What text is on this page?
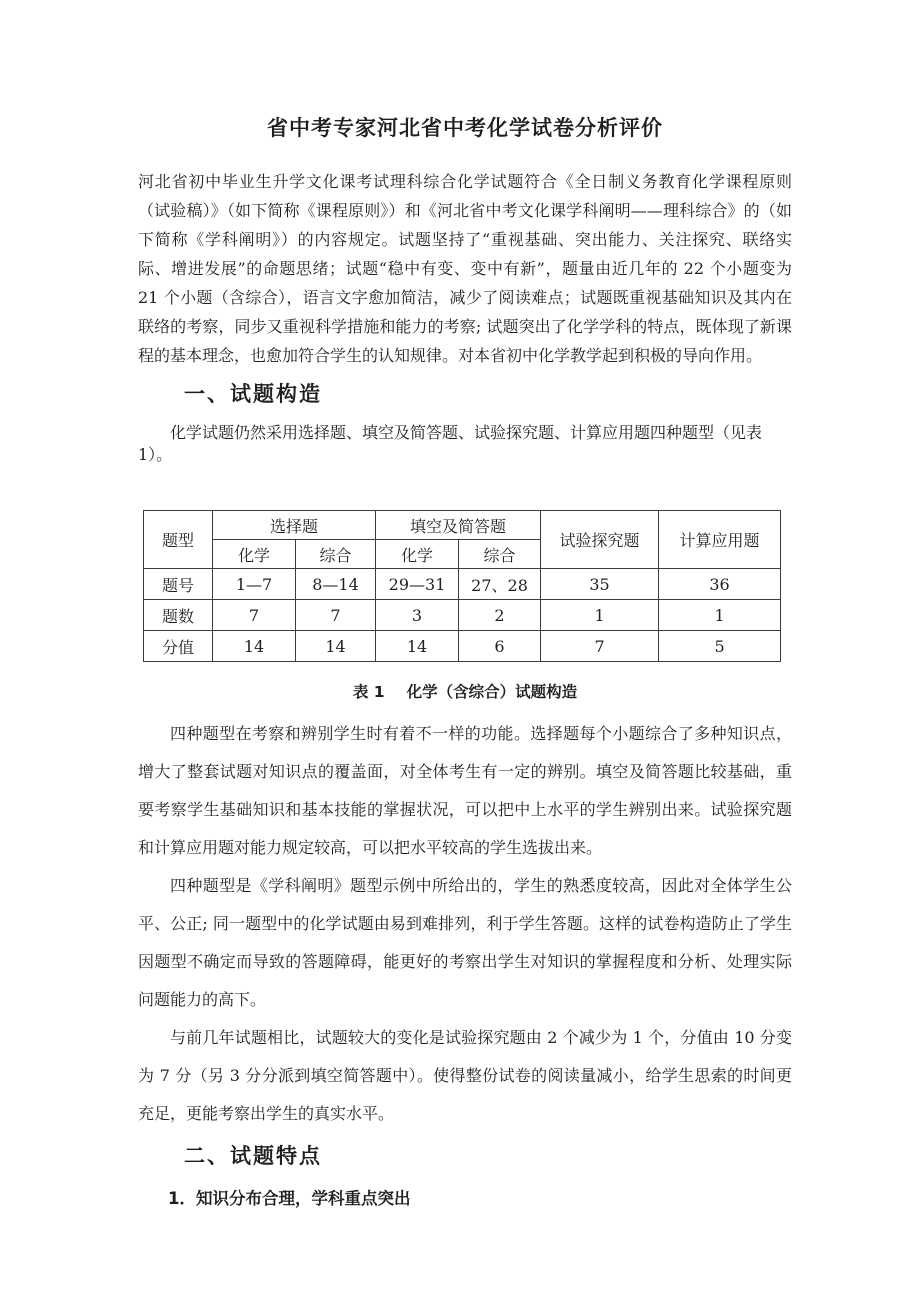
省中考专家河北省中考化学试卷分析评价

河北省初中毕业生升学文化课考试理科综合化学试题符合《全日制义务教育化学课程原则（试验稿）》（如下简称《课程原则》）和《河北省中考文化课学科阐明——理科综合》的（如下简称《学科阐明》）的内容规定。试题坚持了“重视基础、突出能力、关注探究、联络实际、增进发展”的命题思绪；试题“稳中有变、变中有新”，题量由近几年的 22 个小题变为 21 个小题（含综合），语言文字愈加简洁，减少了阅读难点；试题既重视基础知识及其内在联络的考察，同步又重视科学措施和能力的考察; 试题突出了化学学科的特点，既体现了新课程的基本理念，也愈加符合学生的认知规律。对本省初中化学教学起到积极的导向作用。

一、试题构造

化学试题仍然采用选择题、填空及简答题、试验探究题、计算应用题四种题型（见表 1）。

题型	选择题		填空及简答题		试验探究题	计算应用题
	化学	综合	化学	综合		
题号	1—7	8—14	29—31	27、28	35	36
题数	7	7	3	2	1	1
分值	14	14	14	6	7	5
表 1 化学（含综合）试题构造

四种题型在考察和辨别学生时有着不一样的功能。选择题每个小题综合了多种知识点，增大了整套试题对知识点的覆盖面，对全体考生有一定的辨别。填空及简答题比较基础，重要考察学生基础知识和基本技能的掌握状况，可以把中上水平的学生辨别出来。试验探究题和计算应用题对能力规定较高，可以把水平较高的学生选拔出来。

四种题型是《学科阐明》题型示例中所给出的，学生的熟悉度较高，因此对全体学生公平、公正; 同一题型中的化学试题由易到难排列，利于学生答题。这样的试卷构造防止了学生因题型不确定而导致的答题障碍，能更好的考察出学生对知识的掌握程度和分析、处理实际问题能力的高下。

与前几年试题相比，试题较大的变化是试验探究题由 2 个减少为 1 个，分值由 10 分变为 7 分（另 3 分分派到填空简答题中）。使得整份试卷的阅读量减小，给学生思索的时间更充足，更能考察出学生的真实水平。

二、试题特点
1．知识分布合理，学科重点突出
